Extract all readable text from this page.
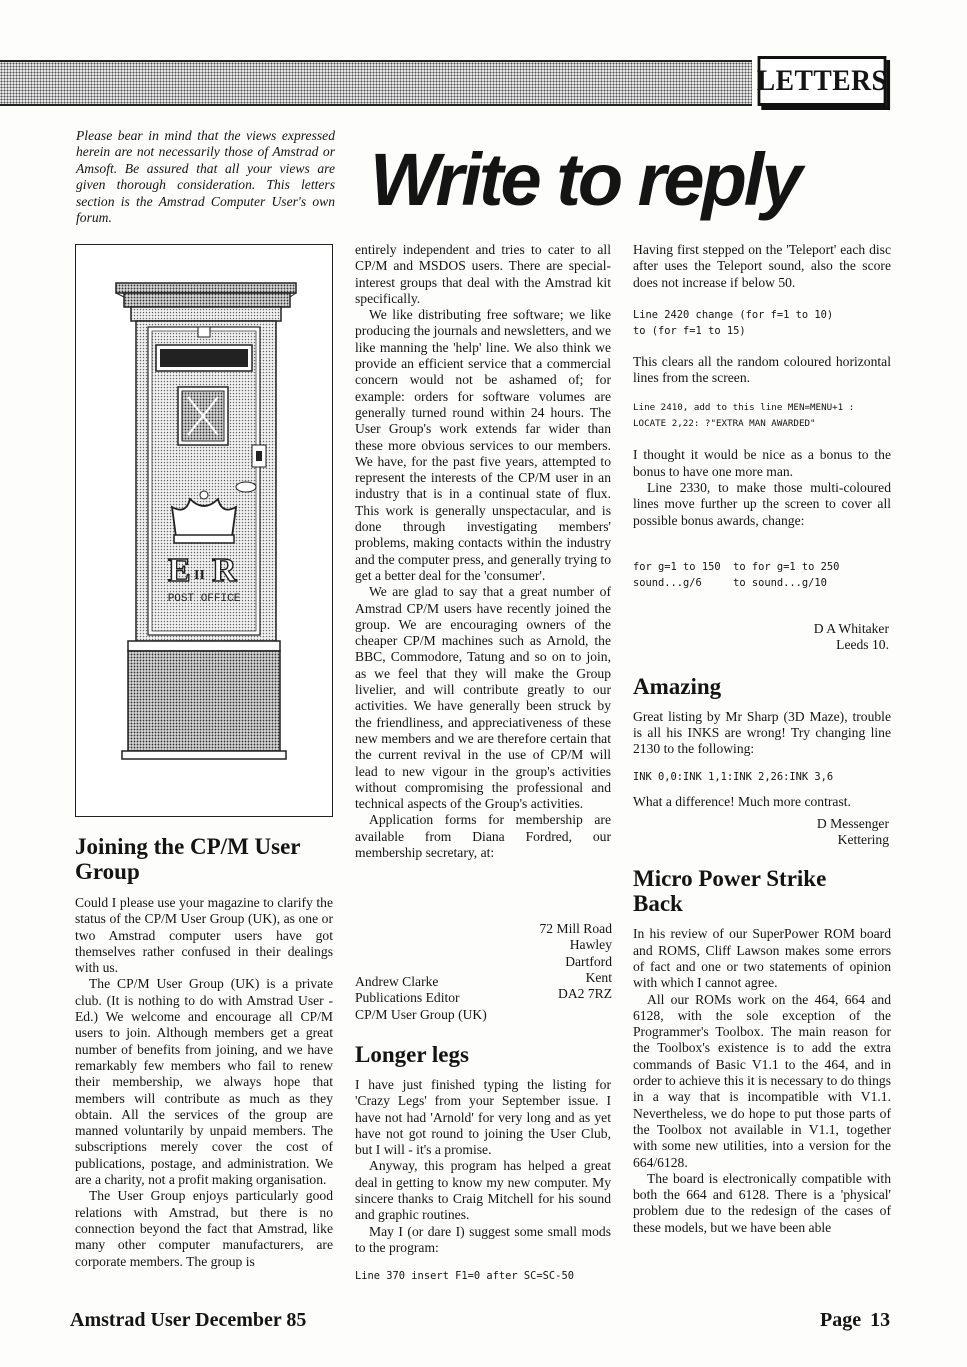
LETTERS
Please bear in mind that the views expressed herein are not necessarily those of Amstrad or Amsoft. Be assured that all your views are given thorough consideration. This letters section is the Amstrad Computer User's own forum.	Write to reply
E II R
POST OFFICE
Joining the CP/M User Group

Could I please use your magazine to clarify the status of the CP/M User Group (UK), as one or two Amstrad computer users have got themselves rather confused in their dealings with us.

The CP/M User Group (UK) is a private club. (It is nothing to do with Amstrad User - Ed.) We welcome and encourage all CP/M users to join. Although members get a great number of benefits from joining, and we have remarkably few members who fail to renew their membership, we always hope that members will contribute as much as they obtain. All the services of the group are manned voluntarily by unpaid members. The subscriptions merely cover the cost of publications, postage, and administration. We are a charity, not a profit making organisation.

The User Group enjoys particularly good relations with Amstrad, but there is no connection beyond the fact that Amstrad, like many other computer manufacturers, are corporate members. The group is

entirely independent and tries to cater to all CP/M and MSDOS users. There are special-interest groups that deal with the Amstrad kit specifically.

We like distributing free software; we like producing the journals and newsletters, and we like manning the 'help' line. We also think we provide an efficient service that a commercial concern would not be ashamed of; for example: orders for software volumes are generally turned round within 24 hours. The User Group's work extends far wider than these more obvious services to our members. We have, for the past five years, attempted to represent the interests of the CP/M user in an industry that is in a continual state of flux. This work is generally unspectacular, and is done through investigating members' problems, making contacts within the industry and the computer press, and generally trying to get a better deal for the 'consumer'.

We are glad to say that a great number of Amstrad CP/M users have recently joined the group. We are encouraging owners of the cheaper CP/M machines such as Arnold, the BBC, Commodore, Tatung and so on to join, as we feel that they will make the Group livelier, and will contribute greatly to our activities. We have generally been struck by the friendliness, and appreciativeness of these new members and we are therefore certain that the current revival in the use of CP/M will lead to new vigour in the group's activities without compromising the professional and technical aspects of the Group's activities.

Application forms for membership are available from Diana Fordred, our membership secretary, at:

72 Mill Road
Hawley
Dartford
Kent
DA2 7RZ
Andrew Clarke
Publications Editor
CP/M User Group (UK)
Longer legs

I have just finished typing the listing for 'Crazy Legs' from your September issue. I have not had 'Arnold' for very long and as yet have not got round to joining the User Club, but I will - it's a promise.

Anyway, this program has helped a great deal in getting to know my new computer. My sincere thanks to Craig Mitchell for his sound and graphic routines.

May I (or dare I) suggest some small mods to the program:

Line 370 insert F1=0 after SC=SC-50

Having first stepped on the 'Teleport' each disc after uses the Teleport sound, also the score does not increase if below 50.

Line 2420 change (for f=1 to 10)
to (for f=1 to 15)

This clears all the random coloured horizontal lines from the screen.

Line 2410, add to this line MEN=MENU+1 :
LOCATE 2,22: ?"EXTRA MAN AWARDED"

I thought it would be nice as a bonus to the bonus to have one more man.

Line 2330, to make those multi-coloured lines move further up the screen to cover all possible bonus awards, change:

for g=1 to 150  to for g=1 to 250
sound...g/6     to sound...g/10
D A Whitaker
Leeds 10.
Amazing

Great listing by Mr Sharp (3D Maze), trouble is all his INKS are wrong! Try changing line 2130 to the following:

INK 0,0:INK 1,1:INK 2,26:INK 3,6

What a difference! Much more contrast.

D Messenger
Kettering
Micro Power Strike Back

In his review of our SuperPower ROM board and ROMS, Cliff Lawson makes some errors of fact and one or two statements of opinion with which I cannot agree.

All our ROMs work on the 464, 664 and 6128, with the sole exception of the Programmer's Toolbox. The main reason for the Toolbox's existence is to add the extra commands of Basic V1.1 to the 464, and in order to achieve this it is necessary to do things in a way that is incompatible with V1.1. Nevertheless, we do hope to put those parts of the Toolbox not available in V1.1, together with some new utilities, into a version for the 664/6128.

The board is electronically compatible with both the 664 and 6128. There is a 'physical' problem due to the redesign of the cases of these models, but we have been able

Amstrad User December 85	Page 13
